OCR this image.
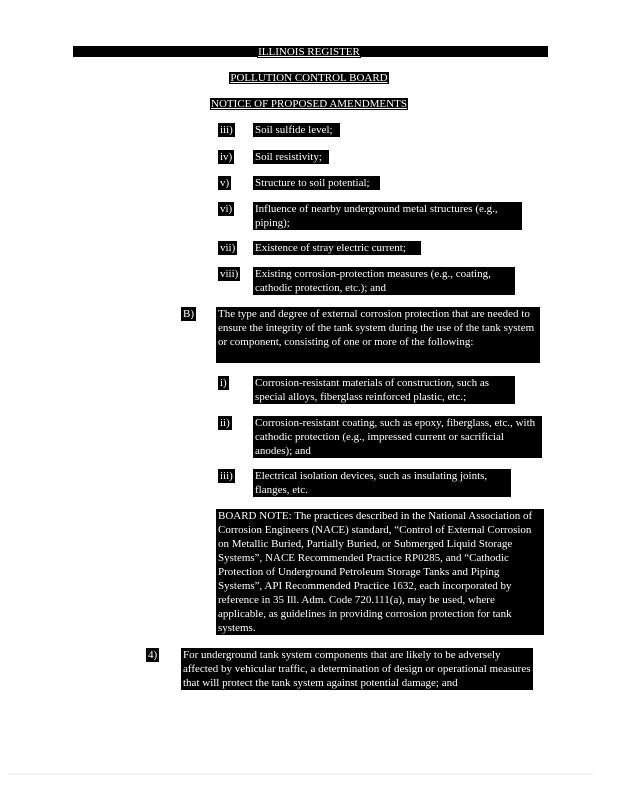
ILLINOIS REGISTER
POLLUTION CONTROL BOARD
NOTICE OF PROPOSED AMENDMENTS
iii) Soil sulfide level;
iv) Soil resistivity;
v) Structure to soil potential;
vi) Influence of nearby underground metal structures (e.g., piping);
vii) Existence of stray electric current;
viii) Existing corrosion-protection measures (e.g., coating, cathodic protection, etc.); and
B) The type and degree of external corrosion protection that are needed to ensure the integrity of the tank system during the use of the tank system or component, consisting of one or more of the following:
i)	Corrosion-resistant materials of construction, such as special alloys, fiberglass reinforced plastic, etc.;
ii) Corrosion-resistant coating, such as epoxy, fiberglass, etc., with cathodic protection (e.g., impressed current or sacrificial anodes); and
iii) Electrical isolation devices, such as insulating joints, flanges, etc.
BOARD NOTE: The practices described in the National Association of Corrosion Engineers (NACE) standard, “Control of External Corrosion on Metallic Buried, Partially Buried, or Submerged Liquid Storage Systems”, NACE Recommended Practice RP0285, and “Cathodic Protection of Underground Petroleum Storage Tanks and Piping Systems”, API Recommended Practice 1632, each incorporated by reference in 35 Ill. Adm. Code 720.111(a), may be used, where applicable, as guidelines in providing corrosion protection for tank systems.
4) For underground tank system components that are likely to be adversely affected by vehicular traffic, a determination of design or operational measures that will protect the tank system against potential damage; and
